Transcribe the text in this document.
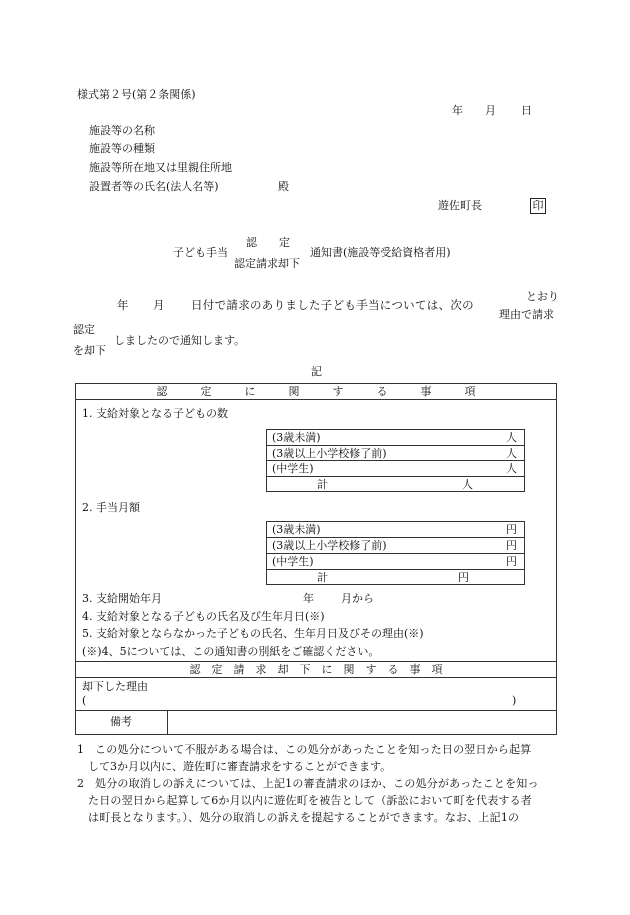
様式第２号(第２条関係)
年 月 日
施設等の名称
施設等の種類
施設等所在地又は里親住所地
設置者等の氏名(法人名等)	殿
遊佐町長	印
子ども手当
認　　定
認定請求却下
通知書(施設等受給資格者用)
年 月 日付で請求のありました子ども手当については、次の
とおり
理由で請求
認定
を却下
しましたので通知します。
記
認　　　定　　　に　　　関　　　す　　　る　　　事　　　項
1. 支給対象となる子どもの数
(3歳未満)	人
(3歳以上小学校修了前)	人
(中学生)	人
計	人
2. 手当月額
(3歳未満)	円
(3歳以上小学校修了前)	円
(中学生)	円
計	円
3. 支給開始年月	年 月から
4. 支給対象となる子どもの氏名及び生年月日(※)
5. 支給対象とならなかった子どもの氏名、生年月日及びその理由(※)
(※)4、5については、この通知書の別紙をご確認ください。
認　定　請　求　却　下　に　関　す　る　事　項
却下した理由
(	)
備考
1 この処分について不服がある場合は、この処分があったことを知った日の翌日から起算
して3か月以内に、遊佐町に審査請求をすることができます。
2 処分の取消しの訴えについては、上記1の審査請求のほか、この処分があったことを知っ
た日の翌日から起算して6か月以内に遊佐町を被告として（訴訟において町を代表する者
は町長となります。）、処分の取消しの訴えを提起することができます。なお、上記1の
